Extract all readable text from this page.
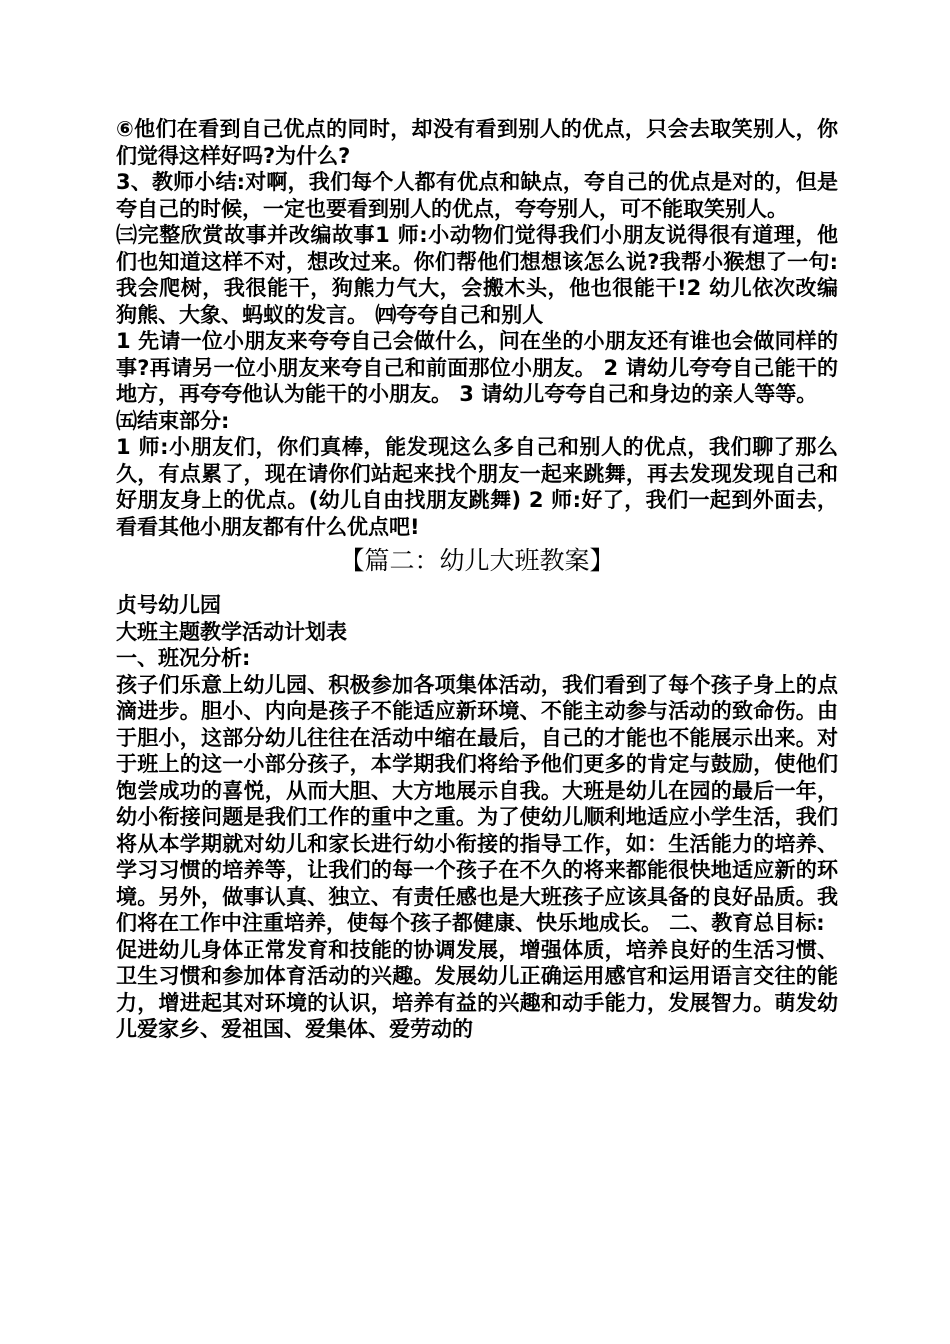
⑥他们在看到自己优点的同时，却没有看到别人的优点，只会去取笑别人，你们觉得这样好吗?为什么?

3、教师小结:对啊，我们每个人都有优点和缺点，夸自己的优点是对的，但是夸自己的时候，一定也要看到别人的优点，夸夸别人，可不能取笑别人。

㈢完整欣赏故事并改编故事1 师:小动物们觉得我们小朋友说得很有道理，他们也知道这样不对，想改过来。你们帮他们想想该怎么说?我帮小猴想了一句:我会爬树，我很能干，狗熊力气大，会搬木头，他也很能干!2 幼儿依次改编狗熊、大象、蚂蚁的发言。 ㈣夸夸自己和别人

1 先请一位小朋友来夸夸自己会做什么，问在坐的小朋友还有谁也会做同样的事?再请另一位小朋友来夸自己和前面那位小朋友。 2 请幼儿夸夸自己能干的地方，再夸夸他认为能干的小朋友。 3 请幼儿夸夸自己和身边的亲人等等。

㈤结束部分:

1 师:小朋友们，你们真棒，能发现这么多自己和别人的优点，我们聊了那么久，有点累了，现在请你们站起来找个朋友一起来跳舞，再去发现发现自己和好朋友身上的优点。(幼儿自由找朋友跳舞) 2 师:好了，我们一起到外面去，看看其他小朋友都有什么优点吧!

【篇二：幼儿大班教案】

贞号幼儿园

大班主题教学活动计划表

一、班况分析:

孩子们乐意上幼儿园、积极参加各项集体活动，我们看到了每个孩子身上的点滴进步。胆小、内向是孩子不能适应新环境、不能主动参与活动的致命伤。由于胆小，这部分幼儿往往在活动中缩在最后，自己的才能也不能展示出来。对于班上的这一小部分孩子，本学期我们将给予他们更多的肯定与鼓励，使他们饱尝成功的喜悦，从而大胆、大方地展示自我。大班是幼儿在园的最后一年，幼小衔接问题是我们工作的重中之重。为了使幼儿顺利地适应小学生活，我们将从本学期就对幼儿和家长进行幼小衔接的指导工作，如：生活能力的培养、学习习惯的培养等，让我们的每一个孩子在不久的将来都能很快地适应新的环境。另外，做事认真、独立、有责任感也是大班孩子应该具备的良好品质。我们将在工作中注重培养，使每个孩子都健康、快乐地成长。 二、教育总目标:

促进幼儿身体正常发育和技能的协调发展，增强体质，培养良好的生活习惯、卫生习惯和参加体育活动的兴趣。发展幼儿正确运用感官和运用语言交往的能力，增进起其对环境的认识，培养有益的兴趣和动手能力，发展智力。萌发幼儿爱家乡、爱祖国、爱集体、爱劳动的
